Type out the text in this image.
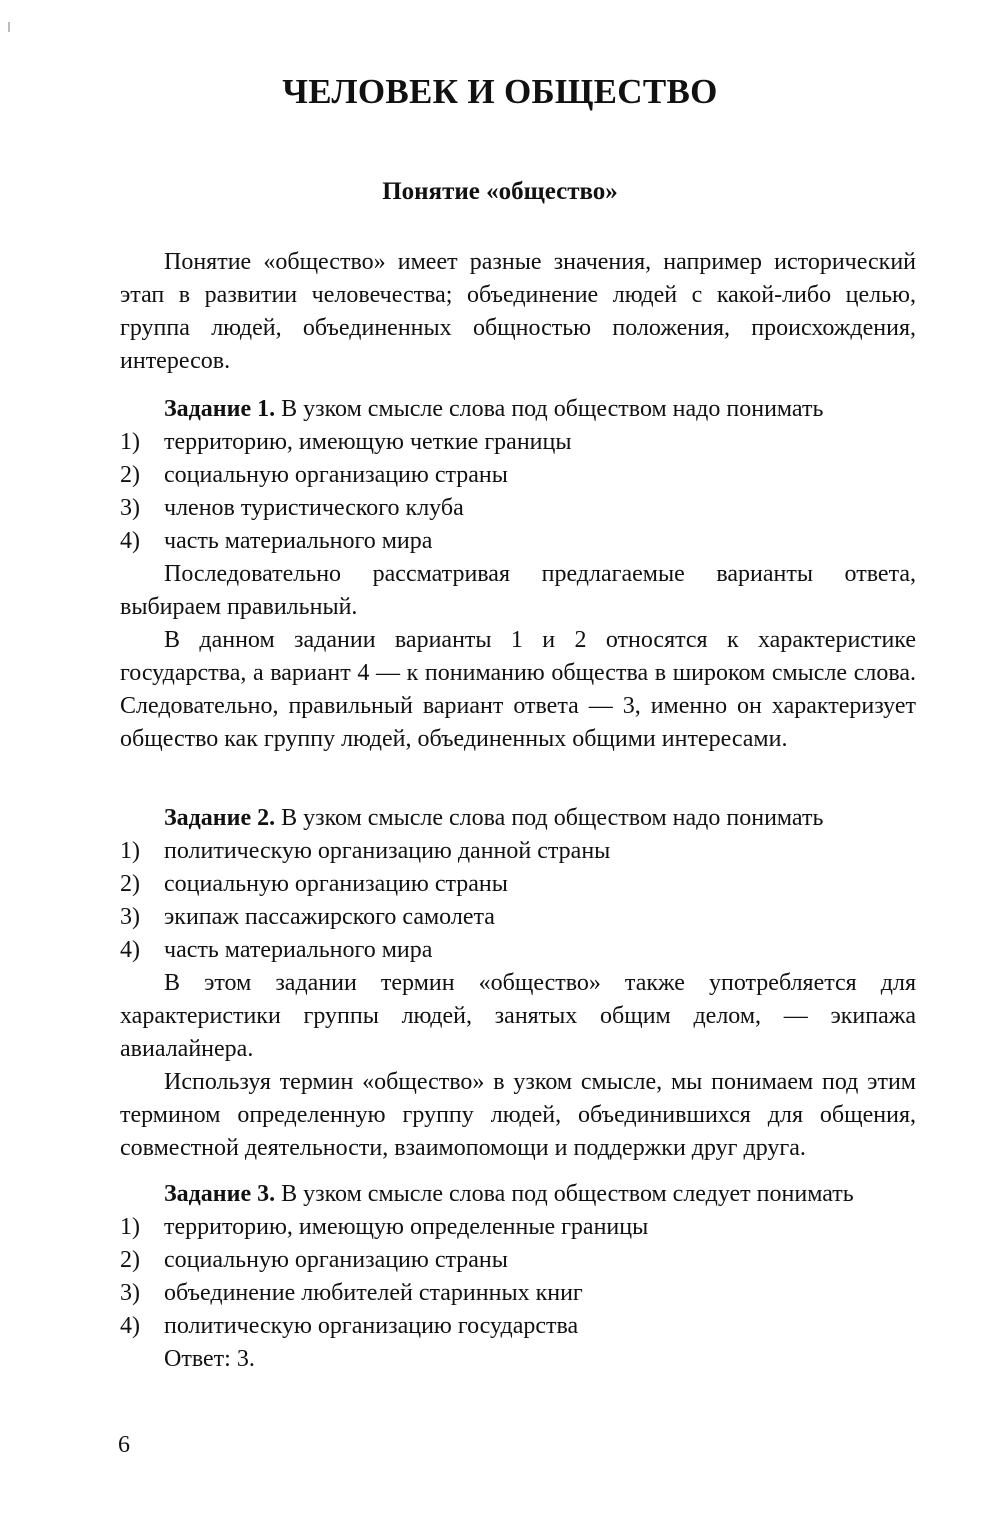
ЧЕЛОВЕК И ОБЩЕСТВО
Понятие «общество»

Понятие «общество» имеет разные значения, например исторический этап в развитии человечества; объединение людей с какой-либо целью, группа людей, объединенных общностью положения, происхождения, интересов.

Задание 1. В узком смысле слова под обществом надо понимать

1)	территорию, имеющую четкие границы
2)	социальную организацию страны
3)	членов туристического клуба
4)	часть материального мира

Последовательно рассматривая предлагаемые варианты ответа, выбираем правильный.

В данном задании варианты 1 и 2 относятся к характеристике государства, а вариант 4 — к пониманию общества в широком смысле слова. Следовательно, правильный вариант ответа — 3, именно он характеризует общество как группу людей, объединенных общими интересами.

Задание 2. В узком смысле слова под обществом надо понимать

1)	политическую организацию данной страны
2)	социальную организацию страны
3)	экипаж пассажирского самолета
4)	часть материального мира

В этом задании термин «общество» также употребляется для характеристики группы людей, занятых общим делом, — экипажа авиалайнера.

Используя термин «общество» в узком смысле, мы понимаем под этим термином определенную группу людей, объединившихся для общения, совместной деятельности, взаимопомощи и поддержки друг друга.

Задание 3. В узком смысле слова под обществом следует понимать

1)	территорию, имеющую определенные границы
2)	социальную организацию страны
3)	объединение любителей старинных книг
4)	политическую организацию государства

Ответ: 3.

6
